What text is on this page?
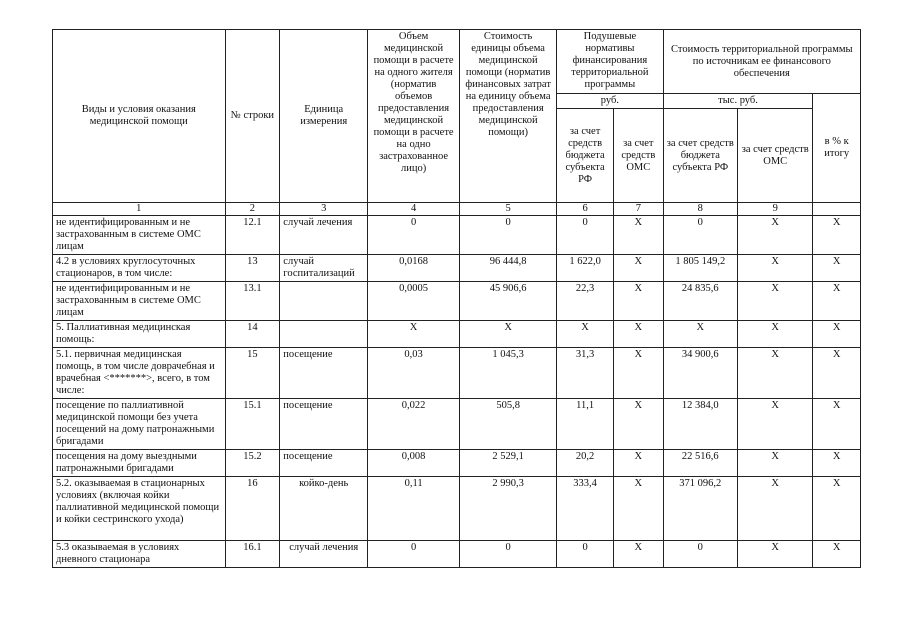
Виды и условия оказания медицинской помощи	№ строки	Единица измерения	Объем медицинской помощи в расчете на одного жителя (норматив объемов предоставления медицинской помощи в расчете на одно застрахованное лицо)	Стоимость единицы объема медицинской помощи (норматив финансовых затрат на единицу объема предоставления медицинской помощи)	Подушевые нормативы финансирования территориальной программы		Стоимость территориальной программы по источникам ее финансового обеспечения		
					руб.		тыс. руб.		в % к итогу
					за счет средств бюджета субъекта РФ	за счет средств ОМС	за счет средств бюджета субъекта РФ	за счет средств ОМС	
1	2	3	4	5	6	7	8	9	
не идентифицированным и не застрахованным в системе ОМС лицам	12.1	случай лечения	0	0	0	X	0	X	X
4.2 в условиях круглосуточных стационаров, в том числе:	13	случай госпитализаций	0,0168	96 444,8	1 622,0	X	1 805 149,2	X	X
не идентифицированным и не застрахованным в системе ОМС лицам	13.1		0,0005	45 906,6	22,3	X	24 835,6	X	X
5. Паллиативная медицинская помощь:	14		X	X	X	X	X	X	X
5.1. первичная медицинская помощь, в том числе доврачебная и врачебная <*******>, всего, в том числе:	15	посещение	0,03	1 045,3	31,3	X	34 900,6	X	X
посещение по паллиативной медицинской помощи без учета посещений на дому патронажными бригадами	15.1	посещение	0,022	505,8	11,1	X	12 384,0	X	X
посещения на дому выездными патронажными бригадами	15.2	посещение	0,008	2 529,1	20,2	X	22 516,6	X	X
5.2. оказываемая в стационарных условиях (включая койки паллиативной медицинской помощи и койки сестринского ухода)	16	койко-день	0,11	2 990,3	333,4	X	371 096,2	X	X
5.3 оказываемая в условиях дневного стационара	16.1	случай лечения	0	0	0	X	0	X	X
